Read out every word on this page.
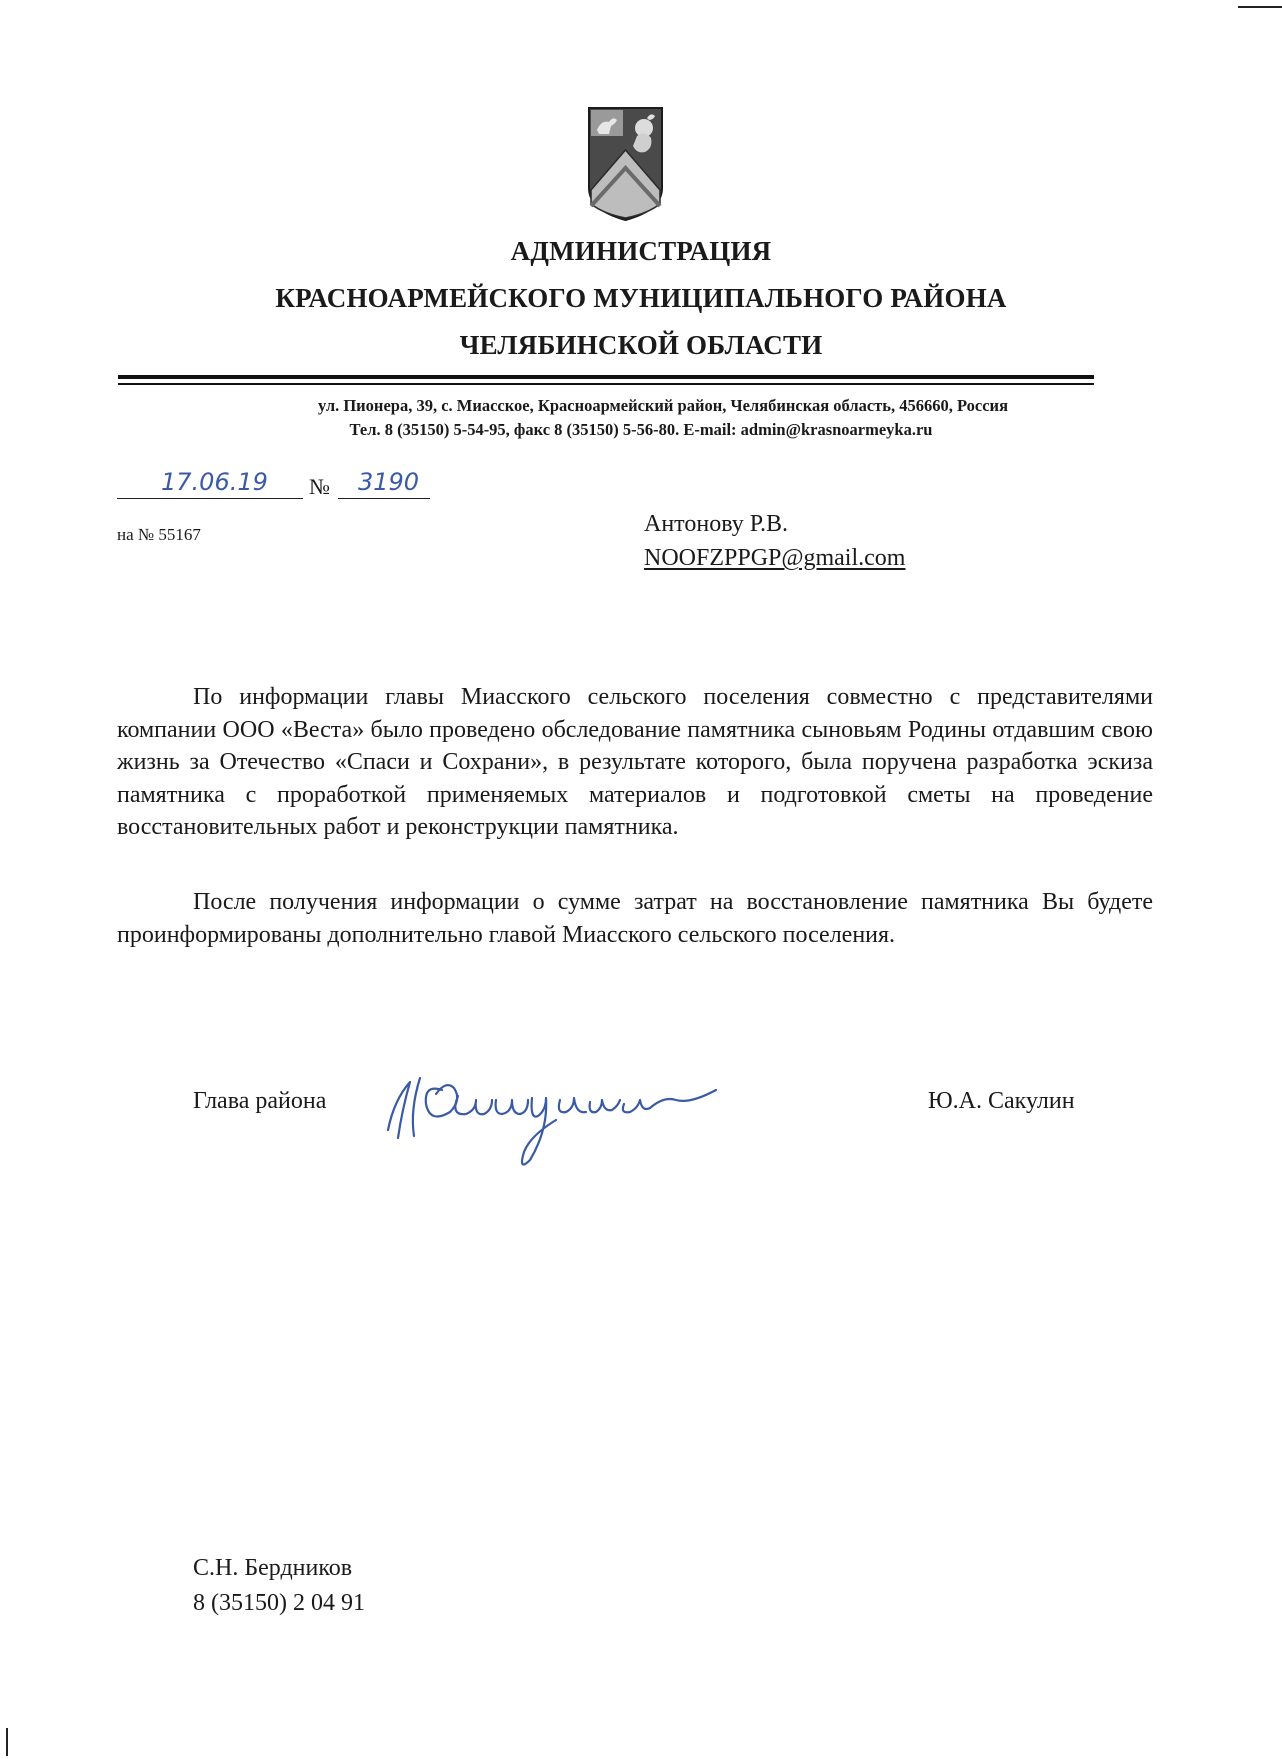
АДМИНИСТРАЦИЯ
КРАСНОАРМЕЙСКОГО МУНИЦИПАЛЬНОГО РАЙОНА
ЧЕЛЯБИНСКОЙ ОБЛАСТИ
ул. Пионера, 39, с. Миасское, Красноармейский район, Челябинская область, 456660, Россия
Тел. 8 (35150) 5-54-95, факс 8 (35150) 5-56-80. E-mail: admin@krasnoarmeyka.ru
17.06.19 № 3190
на № 55167	Антонову Р.В.
NOOFZPPGP@gmail.com
По информации главы Миасского сельского поселения совместно с представителями компании ООО «Веста» было проведено обследование памятника сыновьям Родины отдавшим свою жизнь за Отечество «Спаси и Сохрани», в результате которого, была поручена разработка эскиза памятника с проработкой применяемых материалов и подготовкой сметы на проведение восстановительных работ и реконструкции памятника.
После получения информации о сумме затрат на восстановление памятника Вы будете проинформированы дополнительно главой Миасского сельского поселения.
Глава района	Ю.А. Сакулин
С.Н. Бердников
8 (35150) 2 04 91
